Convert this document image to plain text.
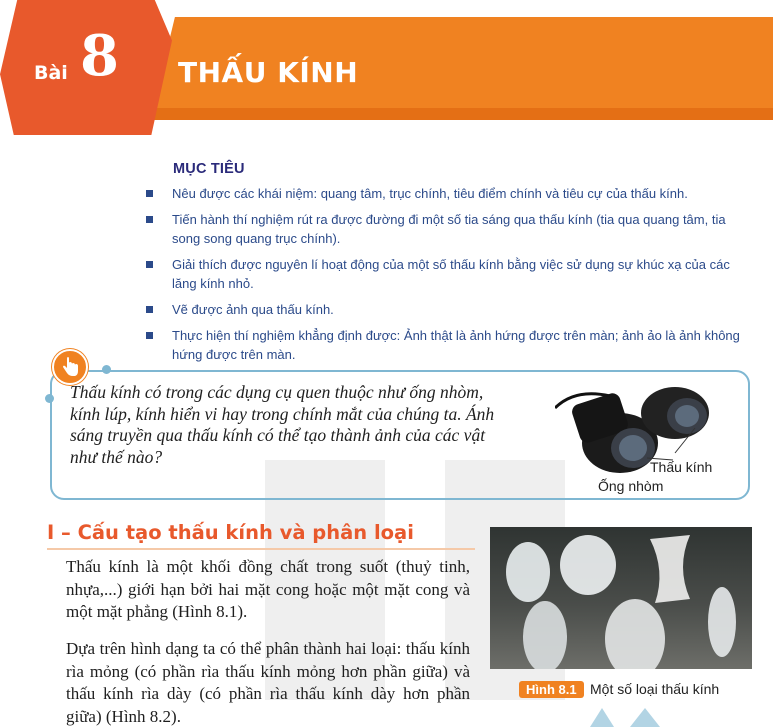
Bài 8 THẤU KÍNH
MỤC TIÊU
Nêu được các khái niệm: quang tâm, trục chính, tiêu điểm chính và tiêu cự của thấu kính.
Tiến hành thí nghiệm rút ra được đường đi một số tia sáng qua thấu kính (tia qua quang tâm, tia song song quang trục chính).
Giải thích được nguyên lí hoạt động của một số thấu kính bằng việc sử dụng sự khúc xạ của các lăng kính nhỏ.
Vẽ được ảnh qua thấu kính.
Thực hiện thí nghiệm khẳng định được: Ảnh thật là ảnh hứng được trên màn; ảnh ảo là ảnh không hứng được trên màn.
Thấu kính có trong các dụng cụ quen thuộc như ống nhòm, kính lúp, kính hiển vi hay trong chính mắt của chúng ta. Ánh sáng truyền qua thấu kính có thể tạo thành ảnh của các vật như thế nào?
Thấu kính
Ống nhòm
I – Cấu tạo thấu kính và phân loại

Thấu kính là một khối đồng chất trong suốt (thuỷ tinh, nhựa,...) giới hạn bởi hai mặt cong hoặc một mặt cong và một mặt phẳng (Hình 8.1).

Dựa trên hình dạng ta có thể phân thành hai loại: thấu kính rìa mỏng (có phần rìa thấu kính mỏng hơn phần giữa) và thấu kính rìa dày (có phần rìa thấu kính dày hơn phần giữa) (Hình 8.2).

Hình 8.1 Một số loại thấu kính
